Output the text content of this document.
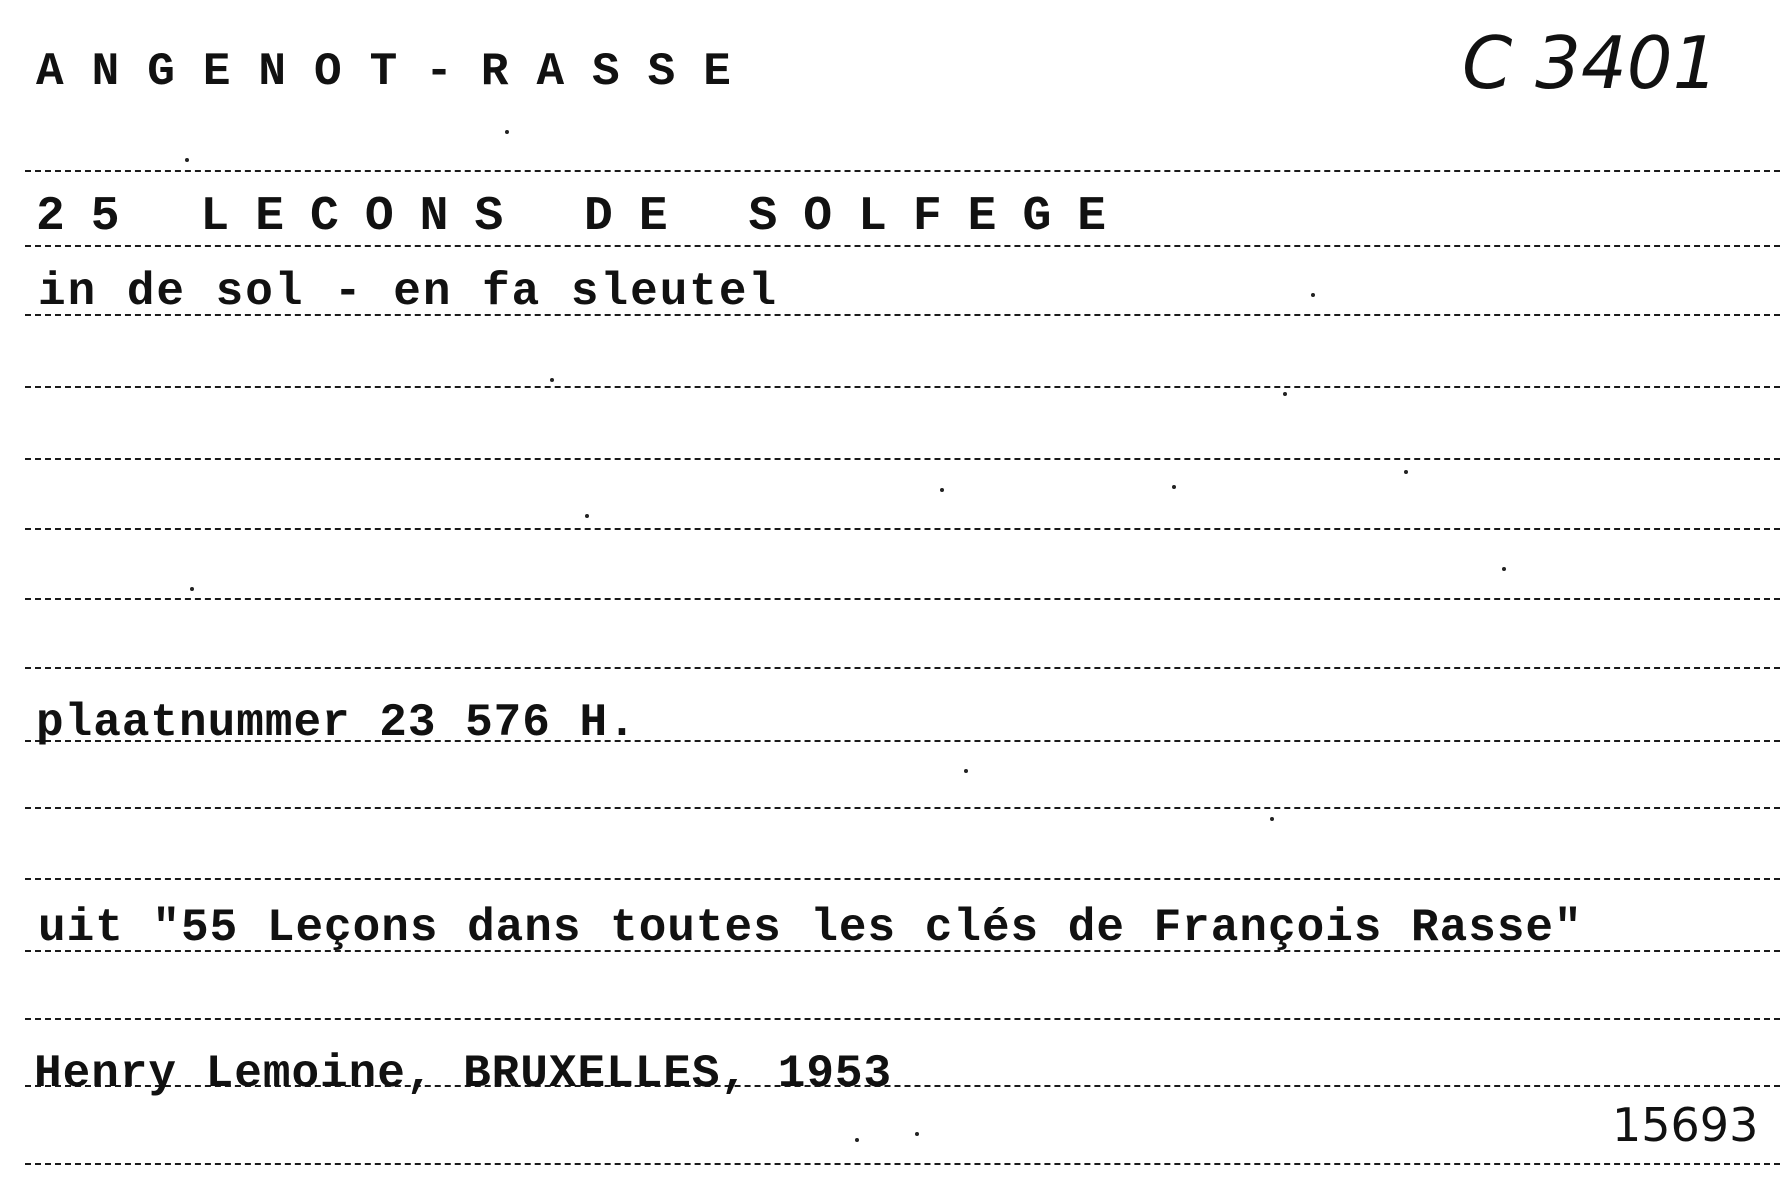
ANGENOT-RASSE
25 LECONS DE SOLFEGE
in de sol - en fa sleutel
plaatnummer 23 576 H.
uit "55 Leçons dans toutes les clés de François Rasse"
Henry Lemoine, BRUXELLES, 1953
C 3401
15693
